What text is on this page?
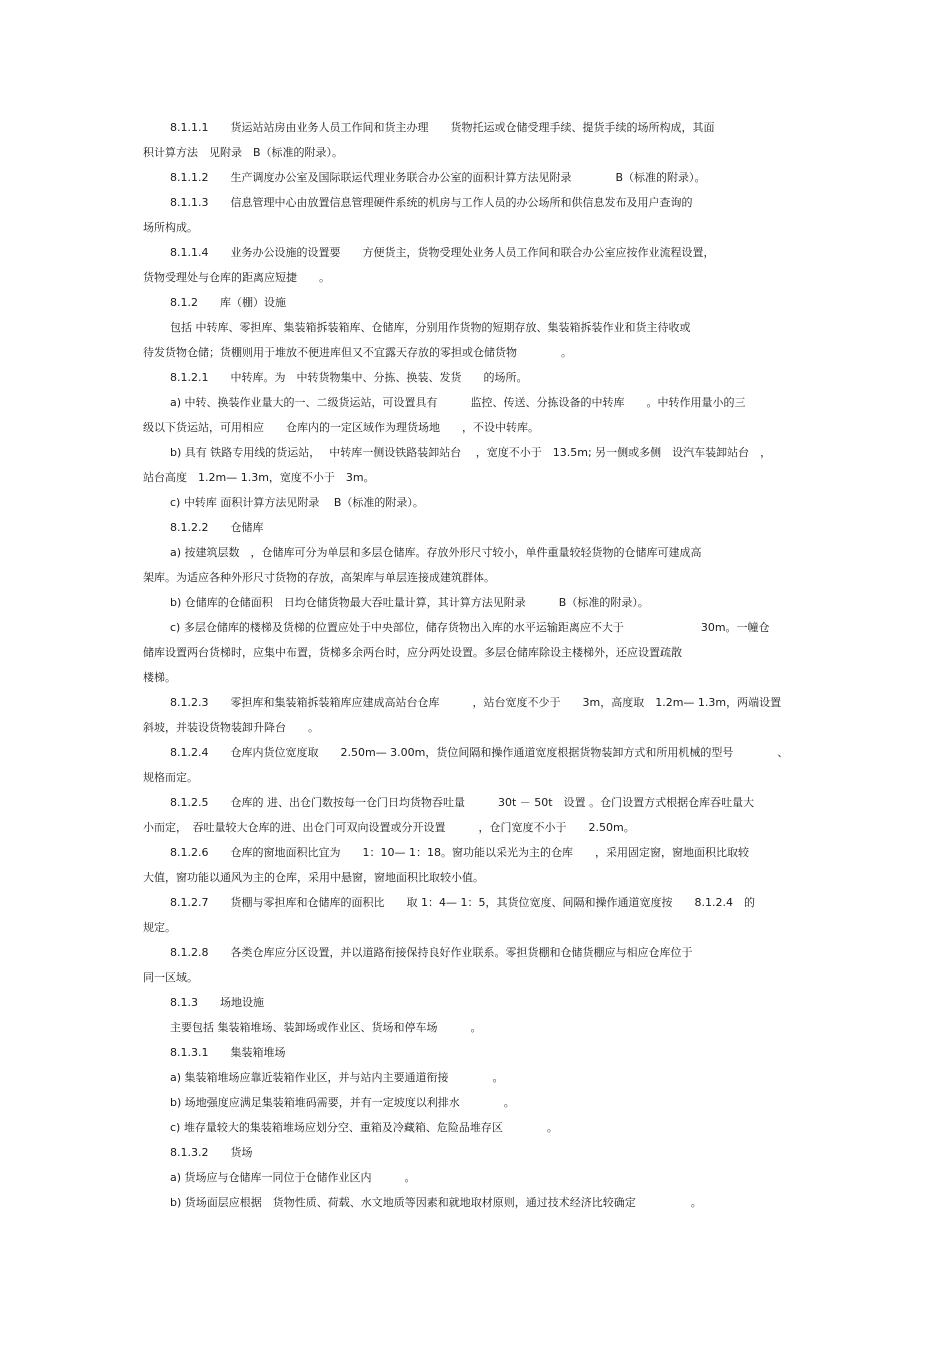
8.1.1.1　　货运站站房由业务人员工作间和货主办理　　货物托运或仓储受理手续、提货手续的场所构成，其面
积计算方法　见附录　B（标准的附录）。
8.1.1.2　　生产调度办公室及国际联运代理业务联合办公室的面积计算方法见附录　　　　B（标准的附录）。
8.1.1.3　　信息管理中心由放置信息管理硬件系统的机房与工作人员的办公场所和供信息发布及用户查询的
场所构成。
8.1.1.4　　业务办公设施的设置要　　方便货主，货物受理处业务人员工作间和联合办公室应按作业流程设置，
货物受理处与仓库的距离应短捷　　。
8.1.2　　库（棚）设施
包括 中转库、零担库、集装箱拆装箱库、仓储库，分别用作货物的短期存放、集装箱拆装作业和货主待收或
待发货物仓储；货棚则用于堆放不便进库但又不宜露天存放的零担或仓储货物　　　　。
8.1.2.1　　中转库。为　中转货物集中、分拣、换装、发货　　的场所。
a) 中转、换装作业量大的一、二级货运站，可设置具有　　　监控、传送、分拣设备的中转库　　。中转作用量小的三
级以下货运站，可用相应　　仓库内的一定区域作为理货场地　　，不设中转库。
b) 具有 铁路专用线的货运站，　 中转库一侧设铁路装卸站台　 ，宽度不小于　13.5m; 另一侧或多侧　设汽车装卸站台　，
站台高度　1.2m— 1.3m，宽度不小于　3m。
c) 中转库 面积计算方法见附录　 B（标准的附录）。
8.1.2.2　　仓储库
a) 按建筑层数　，仓储库可分为单层和多层仓储库。存放外形尺寸较小，单件重量较轻货物的仓储库可建成高
架库。为适应各种外形尺寸货物的存放，高架库与单层连接成建筑群体。
b) 仓储库的仓储面积　日均仓储货物最大吞吐量计算，其计算方法见附录　　　B（标准的附录）。
c) 多层仓储库的楼梯及货梯的位置应处于中央部位，储存货物出入库的水平运输距离应不大于　　　　　　　30m。一幢仓
储库设置两台货梯时，应集中布置，货梯多余两台时，应分两处设置。多层仓储库除设主楼梯外，还应设置疏散
楼梯。
8.1.2.3　　零担库和集装箱拆装箱库应建成高站台仓库　　　，站台宽度不少于　　3m，高度取　1.2m— 1.3m，两端设置
斜坡，并装设货物装卸升降台　　。
8.1.2.4　　仓库内货位宽度取　　2.50m— 3.00m，货位间隔和操作通道宽度根据货物装卸方式和所用机械的型号　　　　、
规格而定。
8.1.2.5　　仓库的 进、出仓门数按每一仓门日均货物吞吐量　　　30t － 50t　设置 。仓门设置方式根据仓库吞吐量大
小而定，　吞吐量较大仓库的进、出仓门可双向设置或分开设置　　　，仓门宽度不小于　　2.50m。
8.1.2.6　　仓库的窗地面积比宜为　　1：10— 1：18。窗功能以采光为主的仓库　　，采用固定窗，窗地面积比取较
大值，窗功能以通风为主的仓库，采用中悬窗，窗地面积比取较小值。
8.1.2.7　　货棚与零担库和仓储库的面积比　　取 1：4— 1：5，其货位宽度、间隔和操作通道宽度按　　8.1.2.4　的
规定。
8.1.2.8　　各类仓库应分区设置，并以道路衔接保持良好作业联系。零担货棚和仓储货棚应与相应仓库位于
同一区域。
8.1.3　　场地设施
主要包括 集装箱堆场、装卸场或作业区、货场和停车场　　　。
8.1.3.1　　集装箱堆场
a) 集装箱堆场应靠近装箱作业区，并与站内主要通道衔接　　　　。
b) 场地强度应满足集装箱堆码需要，并有一定坡度以利排水　　　　。
c) 堆存量较大的集装箱堆场应划分空、重箱及冷藏箱、危险品堆存区　　　　。
8.1.3.2　　货场
a) 货场应与仓储库一同位于仓储作业区内　　　。
b) 货场面层应根据　货物性质、荷载、水文地质等因素和就地取材原则，通过技术经济比较确定　　　　　。
